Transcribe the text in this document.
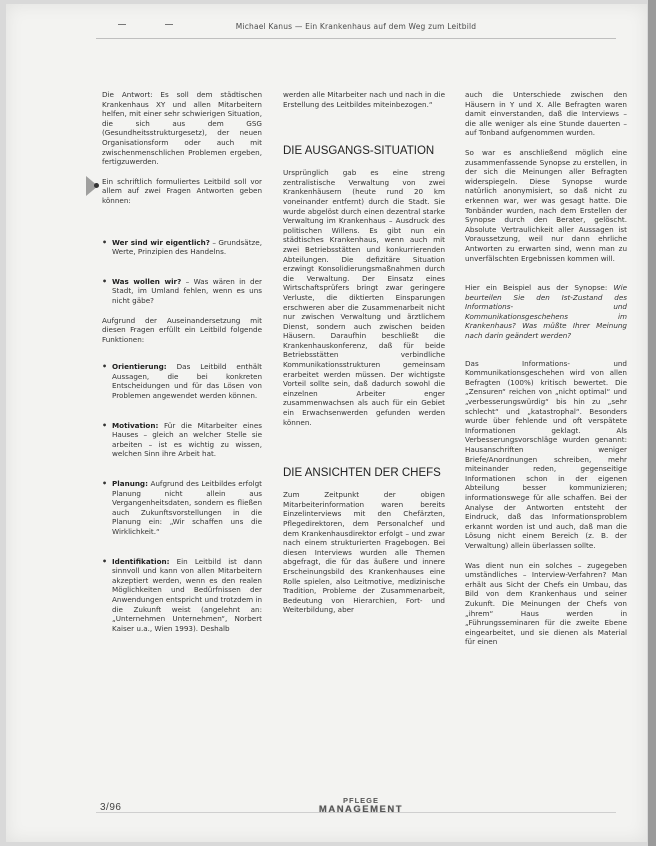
Michael Kanus — Ein Krankenhaus auf dem Weg zum Leitbild

Die Antwort: Es soll dem städtischen Krankenhaus XY und allen Mitarbeitern helfen, mit einer sehr schwierigen Situation, die sich aus dem GSG (Gesundheitsstrukturgesetz), der neuen Organisationsform oder auch mit zwischenmenschlichen Problemen ergeben, fertigzuwerden.

Ein schriftlich formuliertes Leitbild soll vor allem auf zwei Fragen Antworten geben können:

• Wer sind wir eigentlich? – Grundsätze, Werte, Prinzipien des Handelns.

• Was wollen wir? – Was wären in der Stadt, im Umland fehlen, wenn es uns nicht gäbe?

Aufgrund der Auseinandersetzung mit diesen Fragen erfüllt ein Leitbild folgende Funktionen:

• Orientierung: Das Leitbild enthält Aussagen, die bei konkreten Entscheidungen und für das Lösen von Problemen angewendet werden können.

• Motivation: Für die Mitarbeiter eines Hauses – gleich an welcher Stelle sie arbeiten – ist es wichtig zu wissen, welchen Sinn ihre Arbeit hat.

• Planung: Aufgrund des Leitbildes erfolgt Planung nicht allein aus Vergangenheitsdaten, sondern es fließen auch Zukunftsvorstellungen in die Planung ein: „Wir schaffen uns die Wirklichkeit.“

• Identifikation: Ein Leitbild ist dann sinnvoll und kann von allen Mitarbeitern akzeptiert werden, wenn es den realen Möglichkeiten und Bedürfnissen der Anwendungen entspricht und trotzdem in die Zukunft weist (angelehnt an: „Unternehmen Unternehmen“, Norbert Kaiser u.a., Wien 1993). Deshalb

werden alle Mitarbeiter nach und nach in die Erstellung des Leitbildes miteinbezogen.“

DIE AUSGANGS-SITUATION

Ursprünglich gab es eine streng zentralistische Verwaltung von zwei Krankenhäusern (heute rund 20 km voneinander entfernt) durch die Stadt. Sie wurde abgelöst durch einen dezentral starke Verwaltung im Krankenhaus – Ausdruck des politischen Willens. Es gibt nun ein städtisches Krankenhaus, wenn auch mit zwei Betriebsstätten und konkurrierenden Abteilungen. Die defizitäre Situation erzwingt Konsolidierungsmaßnahmen durch die Verwaltung. Der Einsatz eines Wirtschaftsprüfers bringt zwar geringere Verluste, die diktierten Einsparungen erschweren aber die Zusammenarbeit nicht nur zwischen Verwaltung und ärztlichem Dienst, sondern auch zwischen beiden Häusern. Daraufhin beschließt die Krankenhauskonferenz, daß für beide Betriebsstätten verbindliche Kommunikationsstrukturen gemeinsam erarbeitet werden müssen. Der wichtigste Vorteil sollte sein, daß dadurch sowohl die einzelnen Arbeiter enger zusammenwachsen als auch für ein Gebiet ein Erwachsenwerden gefunden werden können.

DIE ANSICHTEN DER CHEFS

Zum Zeitpunkt der obigen Mitarbeiterinformation waren bereits Einzelinterviews mit den Chefärzten, Pflegedirektoren, dem Personalchef und dem Krankenhausdirektor erfolgt – und zwar nach einem strukturierten Fragebogen. Bei diesen Interviews wurden alle Themen abgefragt, die für das äußere und innere Erscheinungsbild des Krankenhauses eine Rolle spielen, also Leitmotive, medizinische Tradition, Probleme der Zusammenarbeit, Bedeutung von Hierarchien, Fort- und Weiterbildung, aber

auch die Unterschiede zwischen den Häusern in Y und X. Alle Befragten waren damit einverstanden, daß die Interviews – die alle weniger als eine Stunde dauerten – auf Tonband aufgenommen wurden.

So war es anschließend möglich eine zusammenfassende Synopse zu erstellen, in der sich die Meinungen aller Befragten widerspiegeln. Diese Synopse wurde natürlich anonymisiert, so daß nicht zu erkennen war, wer was gesagt hatte. Die Tonbänder wurden, nach dem Erstellen der Synopse durch den Berater, gelöscht. Absolute Vertraulichkeit aller Aussagen ist Voraussetzung, weil nur dann ehrliche Antworten zu erwarten sind, wenn man zu unverfälschten Ergebnissen kommen will.

Hier ein Beispiel aus der Synopse: Wie beurteilen Sie den Ist-Zustand des Informations- und Kommunikationsgeschehens im Krankenhaus? Was müßte Ihrer Meinung nach darin geändert werden?

Das Informations- und Kommunikationsgeschehen wird von allen Befragten (100%) kritisch bewertet. Die „Zensuren“ reichen von „nicht optimal“ und „verbesserungswürdig“ bis hin zu „sehr schlecht“ und „katastrophal“. Besonders wurde über fehlende und oft verspätete Informationen geklagt. Als Verbesserungsvorschläge wurden genannt: Hausanschriften weniger Briefe/Anordnungen schreiben, mehr miteinander reden, gegenseitige Informationen schon in der eigenen Abteilung besser kommunizieren; informationswege für alle schaffen. Bei der Analyse der Antworten entsteht der Eindruck, daß das Informationsproblem erkannt worden ist und auch, daß man die Lösung nicht einem Bereich (z. B. der Verwaltung) allein überlassen sollte.

Was dient nun ein solches – zugegeben umständliches – Interview-Verfahren? Man erhält aus Sicht der Chefs ein Umbau, das Bild von dem Krankenhaus und seiner Zukunft. Die Meinungen der Chefs von „ihrem“ Haus werden in „Führungsseminaren für die zweite Ebene eingearbeitet, und sie dienen als Material für einen

3/96
PFLEGE
MANAGEMENT
